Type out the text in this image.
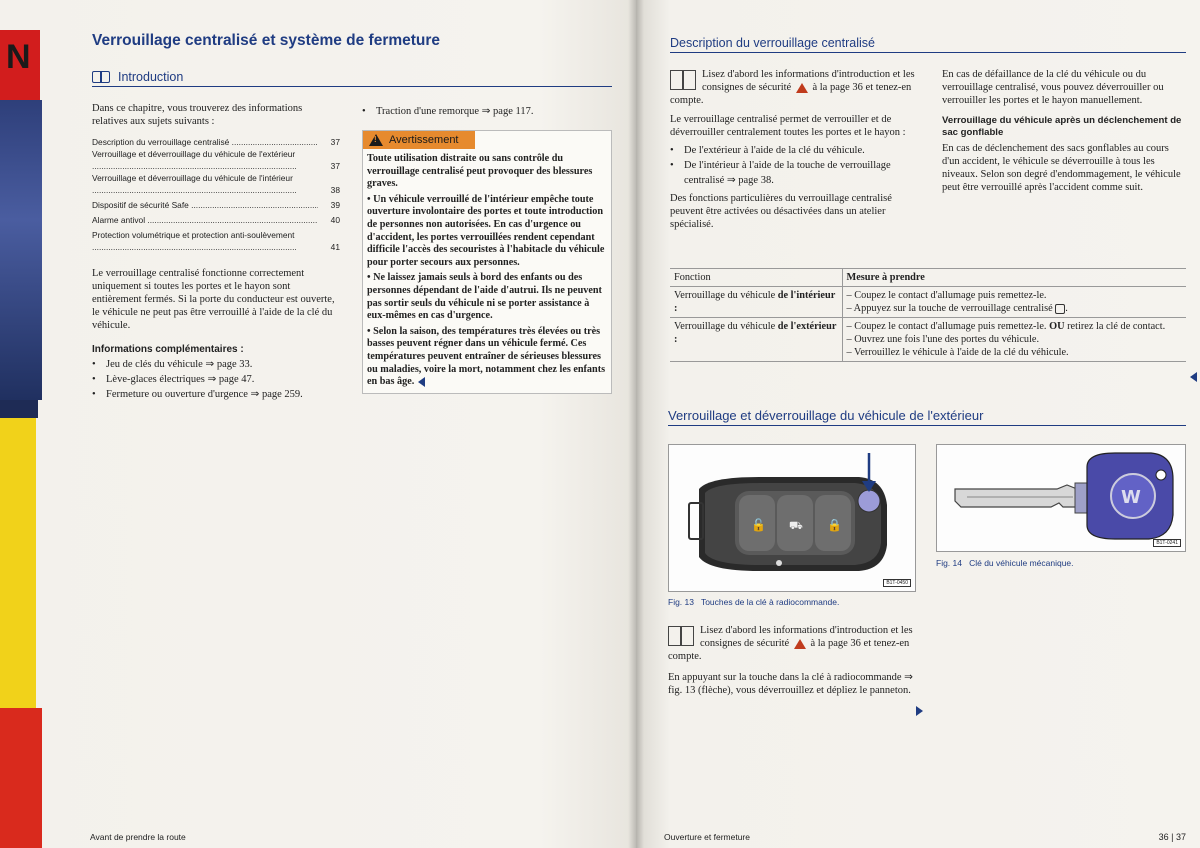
N	Verrouillage centralisé et système de fermeture
Introduction

Dans ce chapitre, vous trouverez des informations relatives aux sujets suivants :

Description du verrouillage centralisé .....	37
Verrouillage et déverrouillage du véhicule de l'extérieur .....
37
Verrouillage et déverrouillage du véhicule de l'intérieur .....
38
Dispositif de sécurité Safe .....	39
Alarme antivol .....	40
Protection volumétrique et protection anti-soulèvement .....
41

Le verrouillage centralisé fonctionne correctement uniquement si toutes les portes et le hayon sont entièrement fermés. Si la porte du conducteur est ouverte, le véhicule ne peut pas être verrouillé à l'aide de la clé du véhicule.

Informations complémentaires :

• Jeu de clés du véhicule ⇒ page 33.
• Lève-glaces électriques ⇒ page 47.
• Fermeture ou ouverture d'urgence ⇒ page 259.
• Traction d'une remorque ⇒ page 117.
!
Avertissement

Toute utilisation distraite ou sans contrôle du verrouillage centralisé peut provoquer des blessures graves.

• Un véhicule verrouillé de l'intérieur empêche toute ouverture involontaire des portes et toute introduction de personnes non autorisées. En cas d'urgence ou d'accident, les portes verrouillées rendent cependant difficile l'accès des secouristes à l'habitacle du véhicule pour porter secours aux personnes.

• Ne laissez jamais seuls à bord des enfants ou des personnes dépendant de l'aide d'autrui. Ils ne peuvent pas sortir seuls du véhicule ni se porter assistance à eux-mêmes en cas d'urgence.

• Selon la saison, des températures très élevées ou très basses peuvent régner dans un véhicule fermé. Ces températures peuvent entraîner de sérieuses blessures ou maladies, voire la mort, notamment chez les enfants en bas âge.

Avant de prendre la route
Description du verrouillage centralisé

Lisez d'abord les informations d'introduction et les consignes de sécurité à la page 36 et tenez-en compte.

Le verrouillage centralisé permet de verrouiller et de déverrouiller centralement toutes les portes et le hayon :

• De l'extérieur à l'aide de la clé du véhicule.
• De l'intérieur à l'aide de la touche de verrouillage centralisé ⇒ page 38.

Des fonctions particulières du verrouillage centralisé peuvent être activées ou désactivées dans un atelier spécialisé.

En cas de défaillance de la clé du véhicule ou du verrouillage centralisé, vous pouvez déverrouiller ou verrouiller les portes et le hayon manuellement.

Verrouillage du véhicule après un déclenchement de sac gonflable

En cas de déclenchement des sacs gonflables au cours d'un accident, le véhicule se déverrouille à tous les niveaux. Selon son degré d'endommagement, le véhicule peut être verrouillé après l'accident comme suit.

Verrouillage et déverrouillage du véhicule de l'extérieur
🔓 ⛟ 🔒
B1T-0450
Fig. 13 Touches de la clé à radiocommande.
W
B1T-0241
Fig. 14 Clé du véhicule mécanique.

Lisez d'abord les informations d'introduction et les consignes de sécurité à la page 36 et tenez-en compte.

En appuyant sur la touche dans la clé à radiocommande ⇒ fig. 13 (flèche), vous déverrouillez et dépliez le panneton.

Ouverture et fermeture	36 | 37
Fonction	Mesure à prendre
Verrouillage du véhicule de l'intérieur :	– Coupez le contact d'allumage puis remettez-le.
– Appuyez sur la touche de verrouillage centralisé .

Verrouillage du véhicule de l'extérieur :	– Coupez le contact d'allumage puis remettez-le. OU retirez la clé de contact.
– Ouvrez une fois l'une des portes du véhicule.
– Verrouillez le véhicule à l'aide de la clé du véhicule.
